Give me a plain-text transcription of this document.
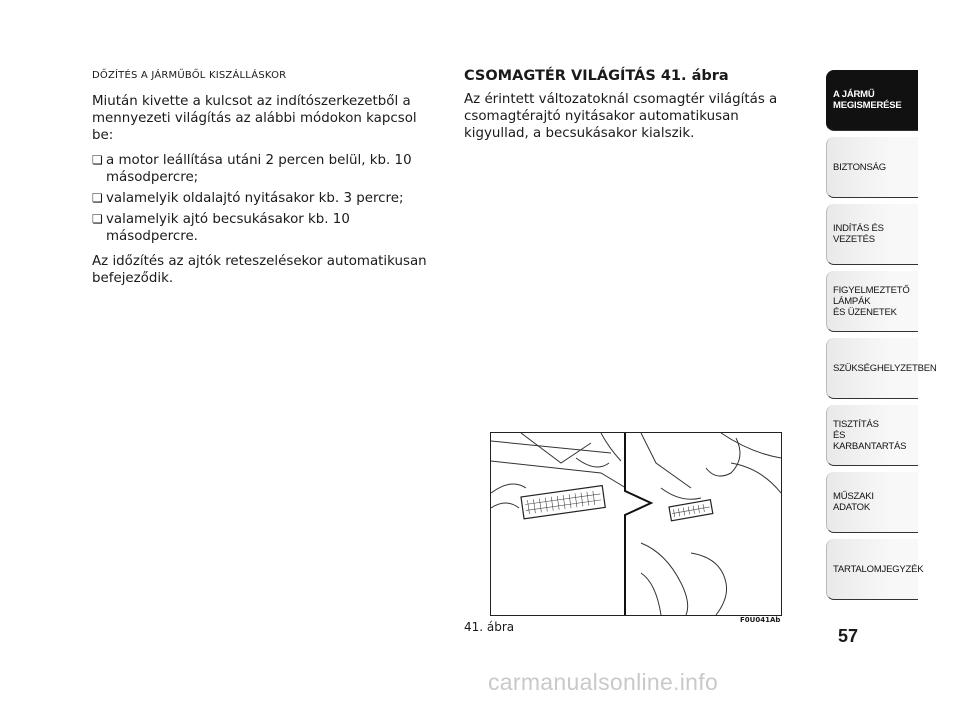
DŐZÍTÉS A JÁRMŰBŐL KISZÁLLÁSKOR

Miután kivette a kulcsot az indítószerkezetből a mennyezeti világítás az alábbi módokon kapcsol be:

❏ a motor leállítása utáni 2 percen belül, kb. 10 másodpercre;
❏ valamelyik oldalajtó nyitásakor kb. 3 percre;
❏ valamelyik ajtó becsukásakor kb. 10 másodpercre.

Az időzítés az ajtók reteszelésekor automatikusan befejeződik.

CSOMAGTÉR VILÁGÍTÁS 41. ábra

Az érintett változatoknál csomagtér világítás a csomagtérajtó nyitásakor automatikusan kigyullad, a becsukásakor kialszik.

F0U041Ab
41. ábra
A JÁRMŰ
MEGISMERÉSE
BIZTONSÁG
INDÍTÁS ÉS VEZETÉS
FIGYELMEZTETŐ
LÁMPÁK
ÉS ÜZENETEK
SZÜKSÉGHELYZETBEN
TISZTÍTÁS
ÉS KARBANTARTÁS
MŰSZAKI ADATOK
TARTALOMJEGYZÉK
57
carmanualsonline.info
